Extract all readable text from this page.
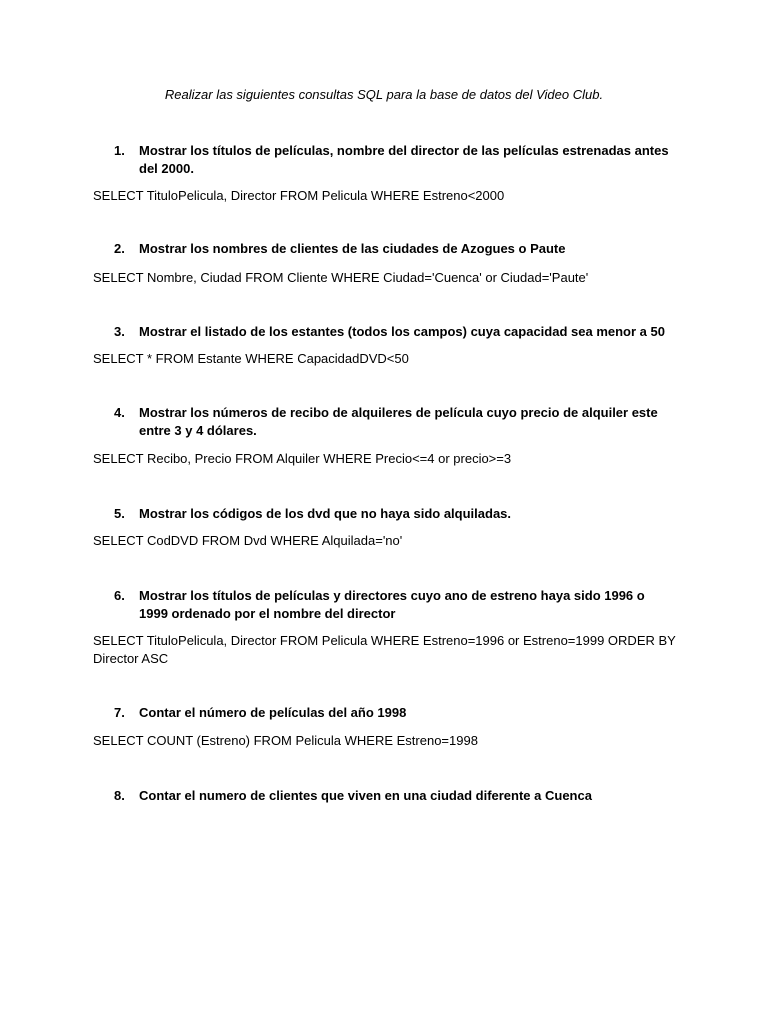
Realizar las siguientes consultas SQL para la base de datos del Video Club.
1.	Mostrar los títulos de películas, nombre del director de las películas estrenadas antes del 2000.
SELECT TituloPelicula, Director FROM Pelicula WHERE Estreno<2000
2.	Mostrar los nombres de clientes de las ciudades de Azogues o Paute
SELECT Nombre, Ciudad FROM Cliente WHERE Ciudad='Cuenca' or Ciudad='Paute'
3.	Mostrar el listado de los estantes (todos los campos) cuya capacidad sea menor a 50
SELECT * FROM Estante WHERE CapacidadDVD<50
4.	Mostrar los números de recibo de alquileres de película cuyo precio de alquiler este entre 3 y 4 dólares.
SELECT Recibo, Precio FROM Alquiler WHERE Precio<=4 or precio>=3
5.	Mostrar los códigos de los dvd que no haya sido alquiladas.
SELECT CodDVD FROM Dvd WHERE Alquilada='no'
6.	Mostrar los títulos de películas y directores cuyo ano de estreno haya sido 1996 o 1999 ordenado por el nombre del director
SELECT TituloPelicula, Director FROM Pelicula WHERE Estreno=1996 or Estreno=1999 ORDER BY Director ASC
7.	Contar el número de películas del año 1998
SELECT COUNT (Estreno) FROM Pelicula WHERE Estreno=1998
8.	Contar el numero de clientes que viven en una ciudad diferente a Cuenca
